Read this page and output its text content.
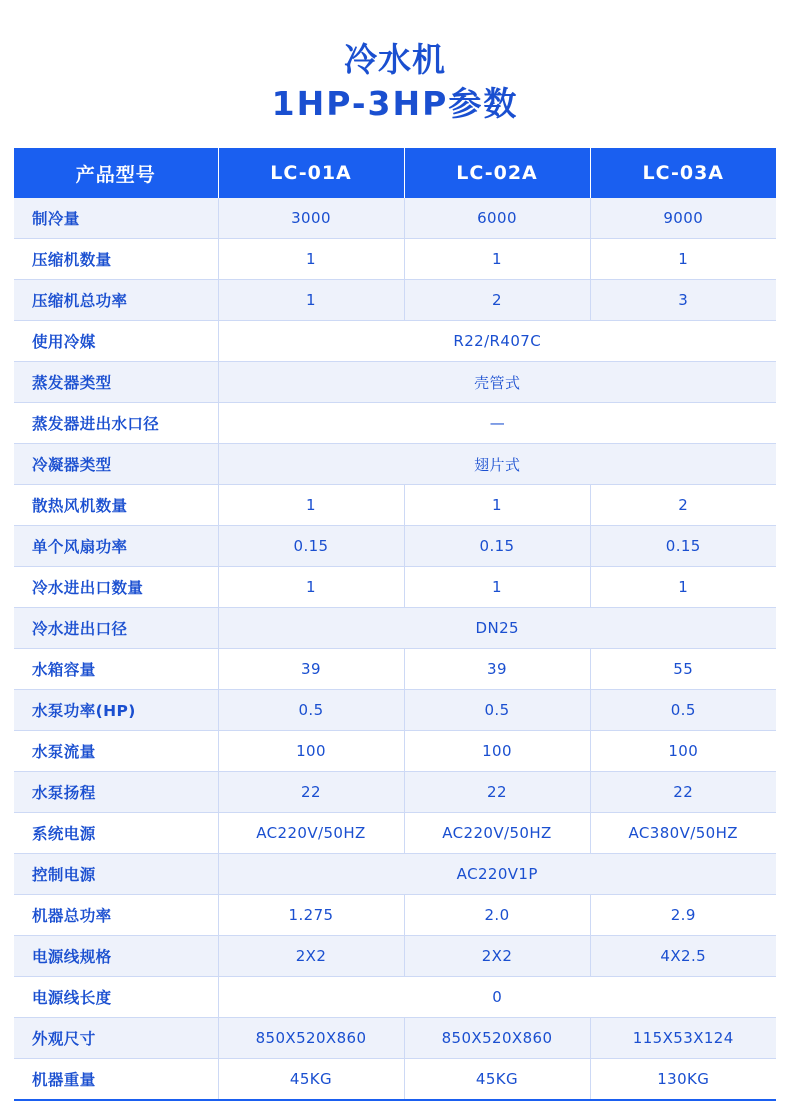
冷水机
1HP-3HP参数
产品型号	LC-01A	LC-02A	LC-03A
制冷量	3000	6000	9000
压缩机数量	1	1	1
压缩机总功率	1	2	3
使用冷媒	R22/R407C		
蒸发器类型	壳管式		
蒸发器进出水口径	—		
冷凝器类型	翅片式		
散热风机数量	1	1	2
单个风扇功率	0.15	0.15	0.15
冷水进出口数量	1	1	1
冷水进出口径	DN25		
水箱容量	39	39	55
水泵功率(HP)	0.5	0.5	0.5
水泵流量	100	100	100
水泵扬程	22	22	22
系统电源	AC220V/50HZ	AC220V/50HZ	AC380V/50HZ
控制电源	AC220V1P		
机器总功率	1.275	2.0	2.9
电源线规格	2X2	2X2	4X2.5
电源线长度	0		
外观尺寸	850X520X860	850X520X860	115X53X124
机器重量	45KG	45KG	130KG
